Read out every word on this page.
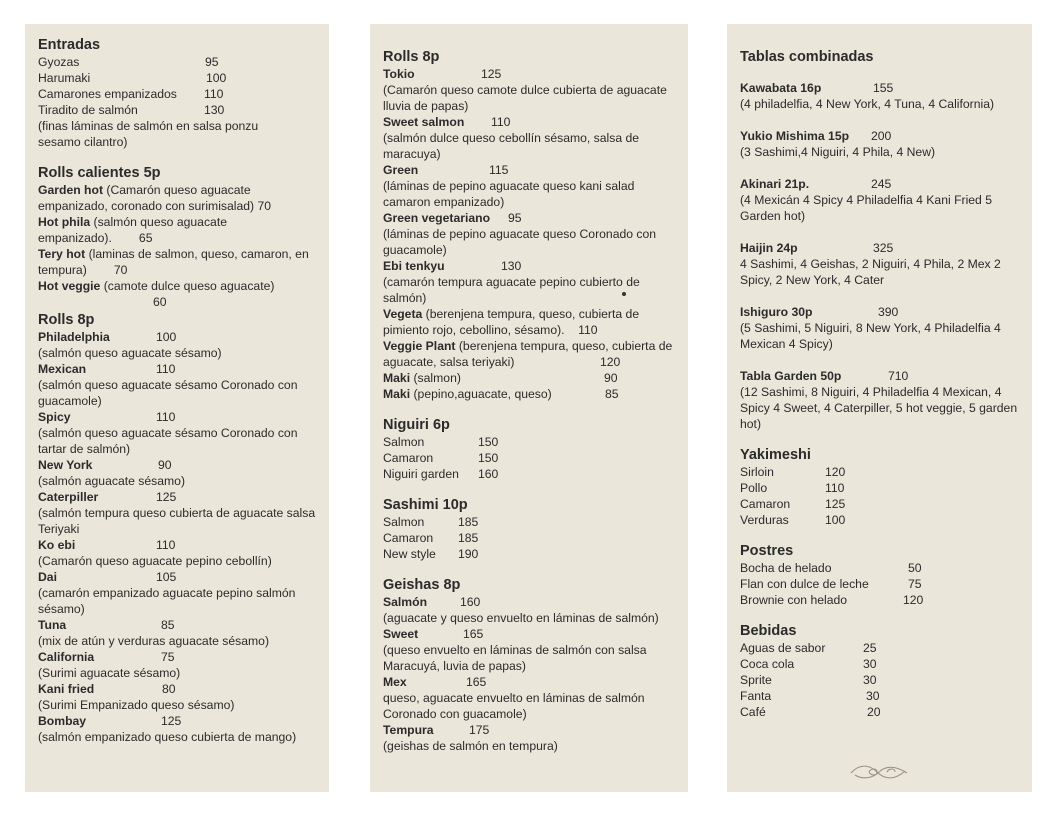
Entradas
Gyozas	95
Harumaki	100
Camarones empanizados 110
Tiradito de salmón	130
(finas láminas de salmón en salsa ponzu sesamo cilantro)
Rolls calientes 5p
Garden hot (Camarón queso aguacate empanizado, coronado con surimisalad) 70
Hot phila (salmón queso aguacate empanizado).        65
Tery hot (laminas de salmon, queso, camaron, en tempura)        70
Hot veggie (camote dulce queso aguacate)
60
Rolls 8p
Philadelphia	100
(salmón queso aguacate sésamo)
Mexican	110
(salmón queso aguacate sésamo Coronado con guacamole)
Spicy	110
(salmón queso aguacate sésamo Coronado con tartar de salmón)
New York	90
(salmón aguacate sésamo)
Caterpiller	125
(salmón tempura queso cubierta de aguacate salsa Teriyaki
Ko ebi	110
(Camarón queso aguacate pepino cebollín)
Dai	105
(camarón empanizado aguacate pepino salmón sésamo)
Tuna	85
(mix de atún y verduras aguacate sésamo)
California	75
(Surimi aguacate sésamo)
Kani fried	80
(Surimi Empanizado queso sésamo)
Bombay	125
(salmón empanizado queso cubierta de mango)
Rolls 8p
Tokio	125
(Camarón queso camote dulce cubierta de aguacate lluvia de papas)
Sweet salmon 110
(salmón dulce queso cebollín sésamo, salsa de maracuya)
Green	115
(láminas de pepino aguacate queso kani salad camaron empanizado)
Green vegetariano 95
(láminas de pepino aguacate queso Coronado con guacamole)
Ebi tenkyu	130
(camarón tempura aguacate pepino cubierto de salmón)
Vegeta (berenjena tempura, queso, cubierta de pimiento rojo, cebollino, sésamo). 110
Veggie Plant (berenjena tempura, queso, cubierta de aguacate, salsa teriyaki)	120
Maki (salmon)	90
Maki (pepino,aguacate, queso)	85
Niguiri 6p
Salmon	150
Camaron	150
Niguiri garden 160
Sashimi 10p
Salmon	185
Camaron 185
New style 190
Geishas 8p
Salmón	160
(aguacate y queso envuelto en láminas de salmón)
Sweet	165
(queso envuelto en láminas de salmón con salsa Maracuyá, luvia de papas)
Mex	165
queso, aguacate envuelto en láminas de salmón Coronado con guacamole)
Tempura	175
(geishas de salmón en tempura)
Tablas combinadas
Kawabata 16p	155
(4 philadelfia, 4 New York, 4 Tuna, 4 California)
Yukio Mishima 15p 200
(3 Sashimi,4 Niguiri, 4 Phila, 4 New)
Akinari 21p.	245
(4 Mexicán 4 Spicy 4 Philadelfia 4 Kani Fried 5 Garden hot)
Haijin 24p	325
4 Sashimi, 4 Geishas, 2 Niguiri, 4 Phila, 2 Mex 2 Spicy, 2 New York, 4 Cater
Ishiguro 30p	390
(5 Sashimi, 5 Niguiri, 8 New York, 4 Philadelfia 4 Mexican 4 Spicy)
Tabla Garden 50p	710
(12 Sashimi, 8 Niguiri, 4 Philadelfia 4 Mexican, 4 Spicy 4 Sweet, 4 Caterpiller, 5 hot veggie, 5 garden hot)
Yakimeshi
Sirloin	120
Pollo	110
Camaron	125
Verduras	100
Postres
Bocha de helado	50
Flan con dulce de leche	75
Brownie con helado	120
Bebidas
Aguas de sabor	25
Coca cola	30
Sprite	30
Fanta	30
Café	20
